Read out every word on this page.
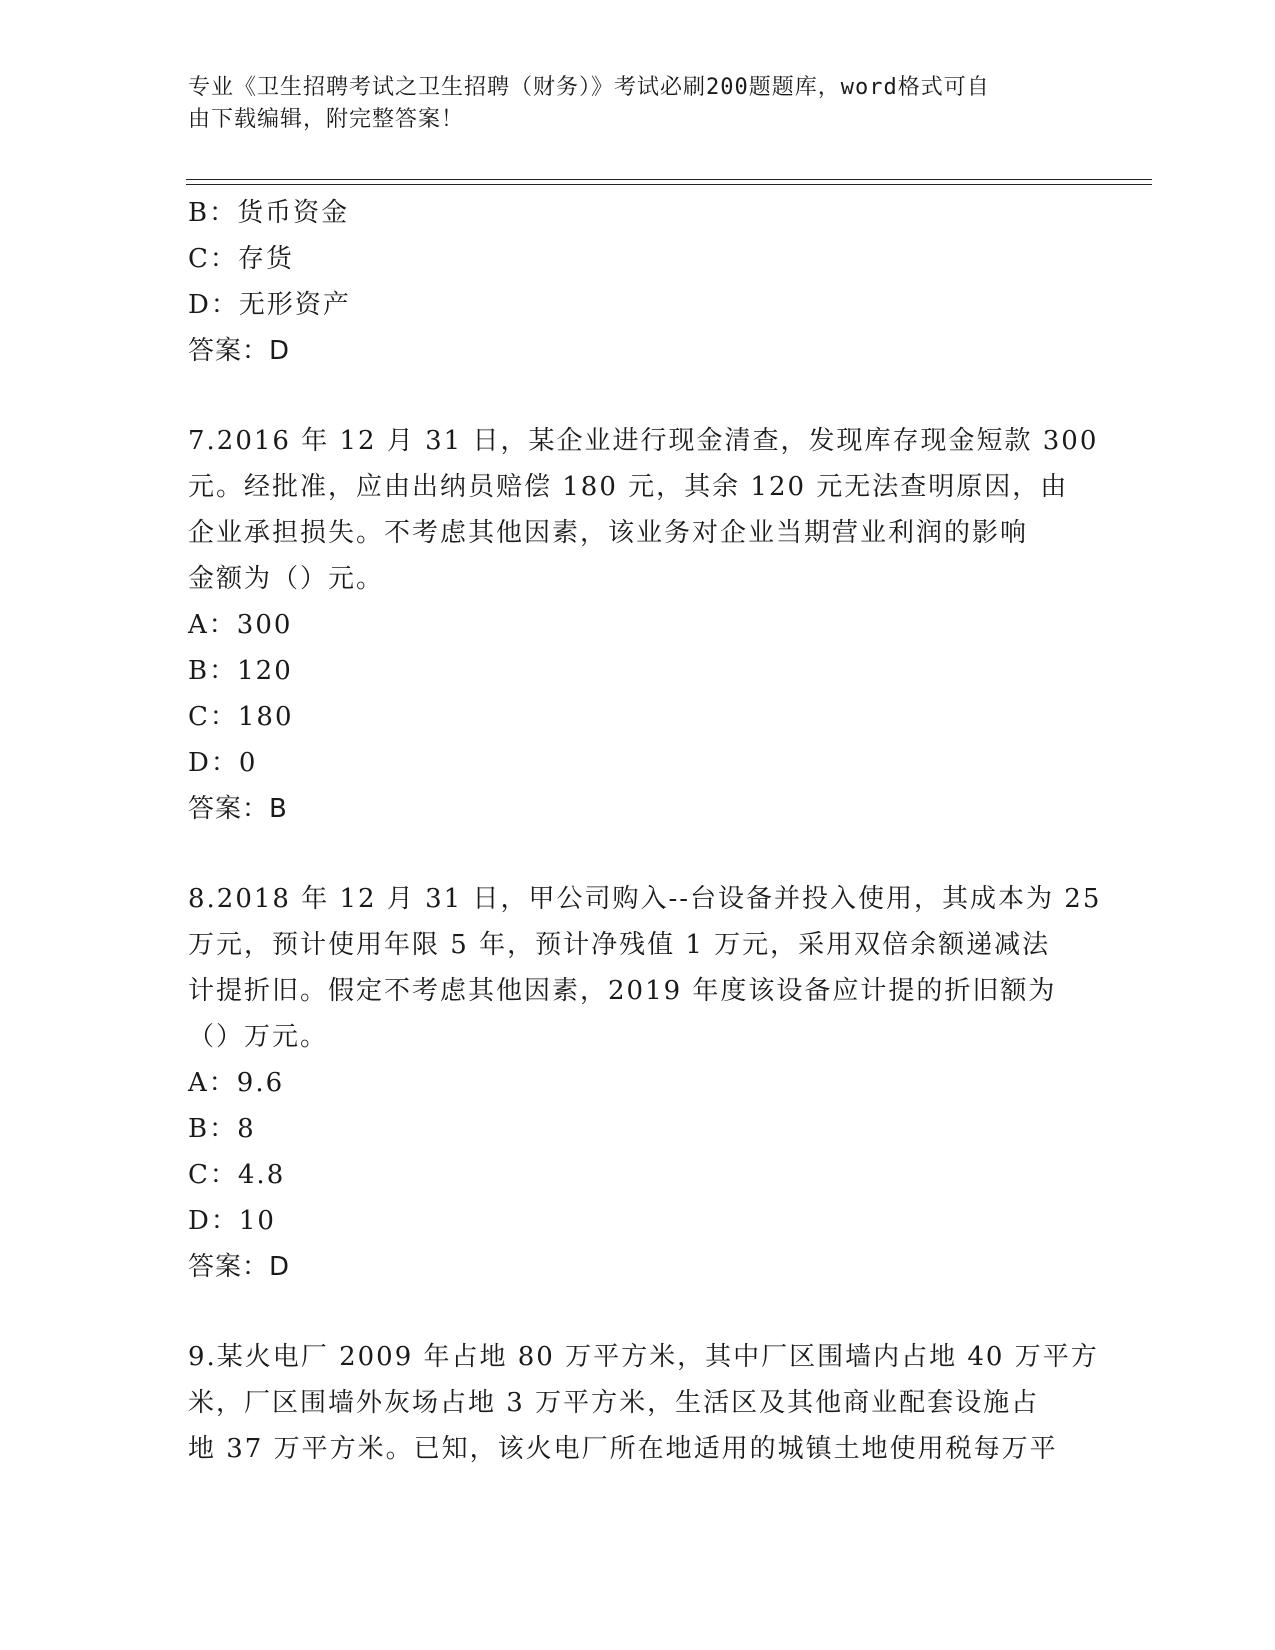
专业《卫生招聘考试之卫生招聘（财务）》考试必刷200题题库，word格式可自
由下载编辑，附完整答案！
B：货币资金
C：存货
D：无形资产
答案：D
7.2016 年 12 月 31 日，某企业进行现金清查，发现库存现金短款 300
元。经批准，应由出纳员赔偿 180 元，其余 120 元无法查明原因，由
企业承担损失。不考虑其他因素，该业务对企业当期营业利润的影响
金额为（）元。
A：300
B：120
C：180
D：0
答案：B
8.2018 年 12 月 31 日，甲公司购入--台设备并投入使用，其成本为 25
万元，预计使用年限 5 年，预计净残值 1 万元，采用双倍余额递减法
计提折旧。假定不考虑其他因素，2019 年度该设备应计提的折旧额为
（）万元。
A：9.6
B：8
C：4.8
D：10
答案：D
9.某火电厂 2009 年占地 80 万平方米，其中厂区围墙内占地 40 万平方
米，厂区围墙外灰场占地 3 万平方米，生活区及其他商业配套设施占
地 37 万平方米。已知，该火电厂所在地适用的城镇土地使用税每万平
